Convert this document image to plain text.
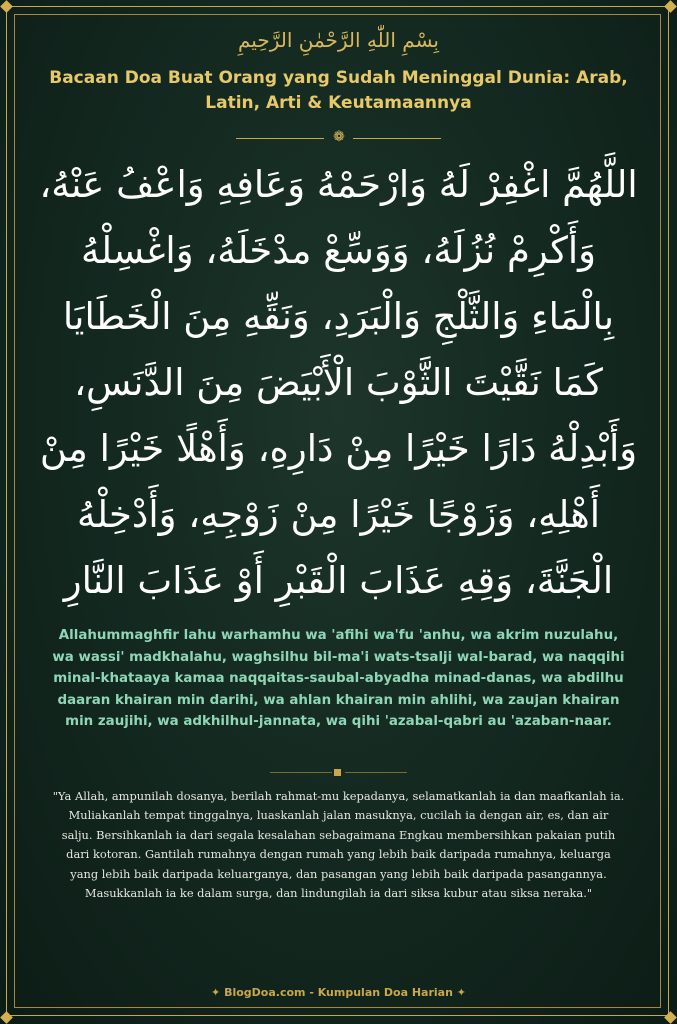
بِسْمِ اللّٰهِ الرَّحْمٰنِ الرَّحِيمِ
Bacaan Doa Buat Orang yang Sudah Meninggal Dunia: Arab, Latin, Arti & Keutamaannya
❁
اللَّهُمَّ اغْفِرْ لَهُ وَارْحَمْهُ وَعَافِهِ وَاعْفُ عَنْهُ، وَأَكْرِمْ نُزُلَهُ، وَوَسِّعْ مدْخَلَهُ، وَاغْسِلْهُ بِالْمَاءِ وَالثَّلْجِ وَالْبَرَدِ، وَنَقِّهِ مِنَ الْخَطَايَا كَمَا نَقَّيْتَ الثَّوْبَ الْأَبْيَضَ مِنَ الدَّنَسِ، وَأَبْدِلْهُ دَارًا خَيْرًا مِنْ دَارِهِ، وَأَهْلًا خَيْرًا مِنْ أَهْلِهِ، وَزَوْجًا خَيْرًا مِنْ زَوْجِهِ، وَأَدْخِلْهُ الْجَنَّةَ، وَقِهِ عَذَابَ الْقَبْرِ أَوْ عَذَابَ النَّارِ
Allahummaghfir lahu warhamhu wa 'afihi wa'fu 'anhu, wa akrim nuzulahu, wa wassi' madkhalahu, waghsilhu bil-ma'i wats-tsalji wal-barad, wa naqqihi minal-khataaya kamaa naqqaitas-saubal-abyadha minad-danas, wa abdilhu daaran khairan min darihi, wa ahlan khairan min ahlihi, wa zaujan khairan min zaujihi, wa adkhilhul-jannata, wa qihi 'azabal-qabri au 'azaban-naar.
"Ya Allah, ampunilah dosanya, berilah rahmat-mu kepadanya, selamatkanlah ia dan maafkanlah ia. Muliakanlah tempat tinggalnya, luaskanlah jalan masuknya, cucilah ia dengan air, es, dan air salju. Bersihkanlah ia dari segala kesalahan sebagaimana Engkau membersihkan pakaian putih dari kotoran. Gantilah rumahnya dengan rumah yang lebih baik daripada rumahnya, keluarga yang lebih baik daripada keluarganya, dan pasangan yang lebih baik daripada pasangannya. Masukkanlah ia ke dalam surga, dan lindungilah ia dari siksa kubur atau siksa neraka."
✦ BlogDoa.com - Kumpulan Doa Harian ✦
